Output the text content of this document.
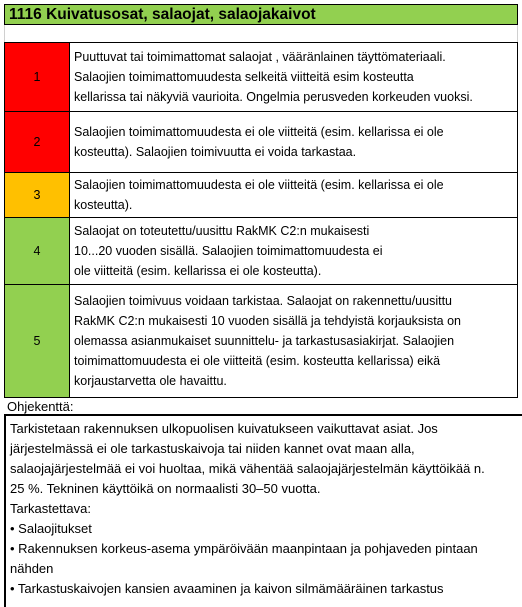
1116 Kuivatusosat, salaojat, salaojakaivot
1	Puuttuvat tai toimimattomat salaojat , vääränlainen täyttömateriaali.
Salaojien toimimattomuudesta selkeitä viitteitä esim kosteutta
kellarissa tai näkyviä vaurioita. Ongelmia perusveden korkeuden vuoksi.

2	Salaojien toimimattomuudesta ei ole viitteitä (esim. kellarissa ei ole
kosteutta). Salaojien toimivuutta ei voida tarkastaa.

3	Salaojien toimimattomuudesta ei ole viitteitä (esim. kellarissa ei ole
kosteutta).

4	Salaojat on toteutettu/uusittu RakMK C2:n mukaisesti
10...20 vuoden sisällä. Salaojien toimimattomuudesta ei
ole viitteitä (esim. kellarissa ei ole kosteutta).

5	Salaojien toimivuus voidaan tarkistaa. Salaojat on rakennettu/uusittu
RakMK C2:n mukaisesti 10 vuoden sisällä ja tehdyistä korjauksista on
olemassa asianmukaiset suunnittelu- ja tarkastusasiakirjat. Salaojien
toimimattomuudesta ei ole viitteitä (esim. kosteutta kellarissa) eikä
korjaustarvetta ole havaittu.
Ohjekenttä:

Tarkistetaan rakennuksen ulkopuolisen kuivatukseen vaikuttavat asiat. Jos

järjestelmässä ei ole tarkastuskaivoja tai niiden kannet ovat maan alla,

salaojajärjestelmää ei voi huoltaa, mikä vähentää salaojajärjestelmän käyttöikää n.

25 %. Tekninen käyttöikä on normaalisti 30–50 vuotta.

Tarkastettava:

• Salaojitukset

• Rakennuksen korkeus-asema ympäröivään maanpintaan ja pohjaveden pintaan

nähden

• Tarkastuskaivojen kansien avaaminen ja kaivon silmämääräinen tarkastus
